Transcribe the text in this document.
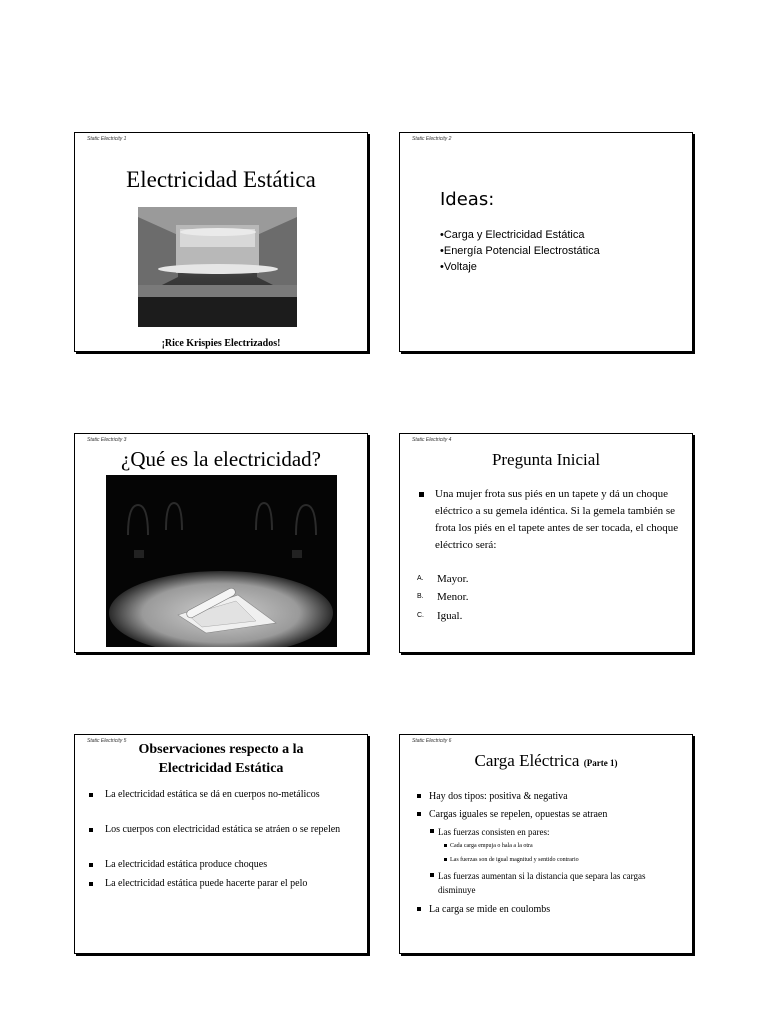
Static Electricity 1
Electricidad Estática
¡Rice Krispies Electrizados!
Static Electricity 2
Ideas:
•Carga y Electricidad Estática
•Energía Potencial Electrostática
•Voltaje
Static Electricity 3
¿Qué es la electricidad?
Static Electricity 4
Pregunta Inicial
Una mujer frota sus piés en un tapete y dá un choque eléctrico a su gemela idéntica. Si la gemela también se frota los piés en el tapete antes de ser tocada, el choque eléctrico será:
A. Mayor.
B. Menor.
C. Igual.
Static Electricity 5
Observaciones respecto a la
Electricidad Estática
La electricidad estática se dá en cuerpos no-metálicos
Los cuerpos con electricidad estática se atráen o se repelen
La electricidad estática produce choques
La electricidad estática puede hacerte parar el pelo
Static Electricity 6
Carga Eléctrica (Parte 1)
Hay dos tipos: positiva & negativa
Cargas iguales se repelen, opuestas se atraen
Las fuerzas consisten en pares:
Cada carga empuja o hala a la otra
Las fuerzas son de igual magnitud y sentido contrario
Las fuerzas aumentan si la distancia que separa las cargas disminuye
La carga se mide en coulombs
